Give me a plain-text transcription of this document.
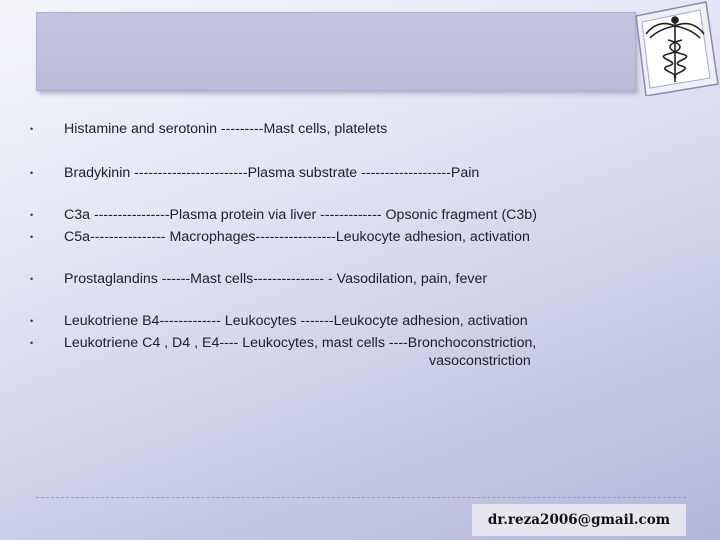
•	Histamine and serotonin ---------Mast cells, platelets
•	Bradykinin ------------------------Plasma substrate -------------------Pain
•	C3a ----------------Plasma protein via liver ------------- Opsonic fragment (C3b)
•	C5a---------------- Macrophages-----------------Leukocyte adhesion, activation
•	Prostaglandins ------Mast cells--------------- - Vasodilation, pain, fever
•	Leukotriene B4------------- Leukocytes -------Leukocyte adhesion, activation
•	Leukotriene C4 , D4 , E4---- Leukocytes, mast cells ----Bronchoconstriction,
vasoconstriction
dr.reza2006@gmail.com
